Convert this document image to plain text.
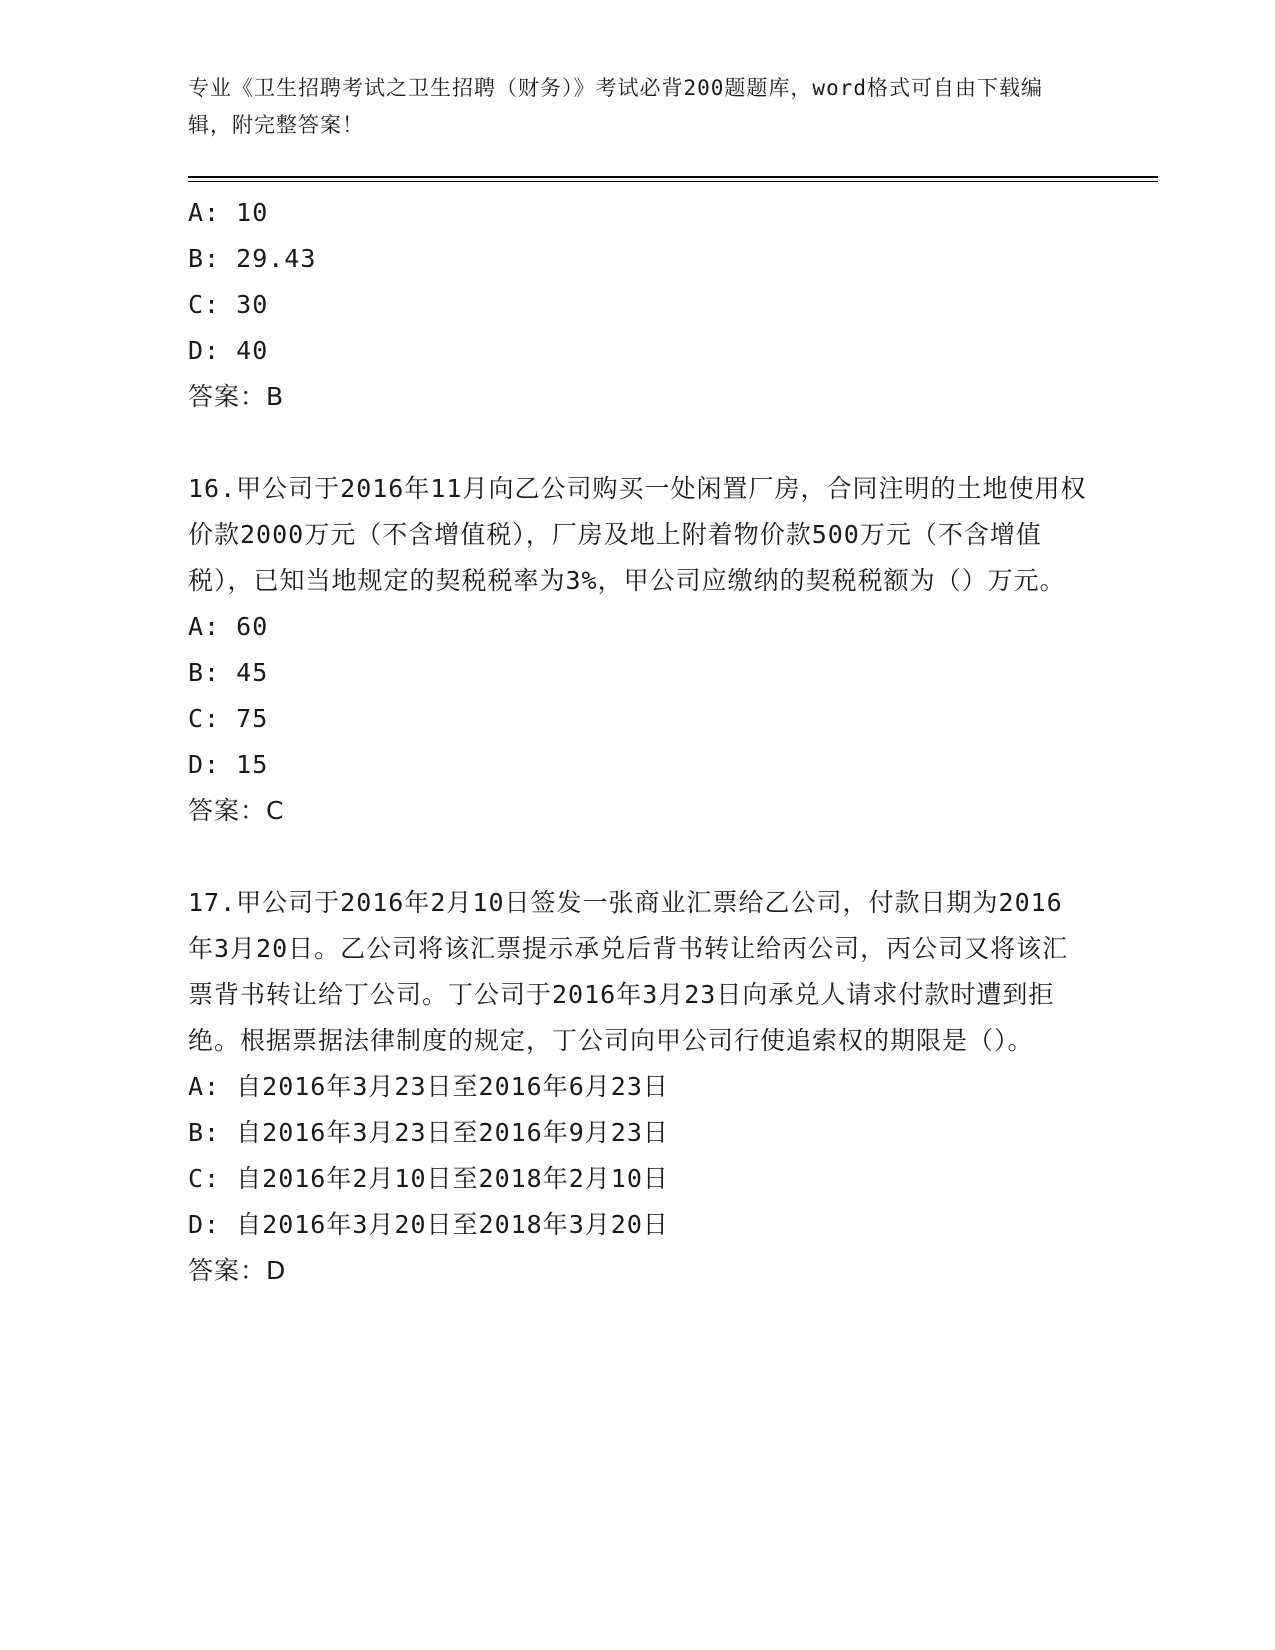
专业《卫生招聘考试之卫生招聘（财务）》考试必背200题题库，word格式可自由下载编辑，附完整答案！
A: 10
B: 29.43
C: 30
D: 40
答案：B
16.甲公司于2016年11月向乙公司购买一处闲置厂房，合同注明的土地使用权价款2000万元（不含增值税），厂房及地上附着物价款500万元（不含增值税），已知当地规定的契税税率为3%，甲公司应缴纳的契税税额为（）万元。
A: 60
B: 45
C: 75
D: 15
答案：C
17.甲公司于2016年2月10日签发一张商业汇票给乙公司，付款日期为2016年3月20日。乙公司将该汇票提示承兑后背书转让给丙公司，丙公司又将该汇票背书转让给丁公司。丁公司于2016年3月23日向承兑人请求付款时遭到拒绝。根据票据法律制度的规定，丁公司向甲公司行使追索权的期限是（）。
A: 自2016年3月23日至2016年6月23日
B: 自2016年3月23日至2016年9月23日
C: 自2016年2月10日至2018年2月10日
D: 自2016年3月20日至2018年3月20日
答案：D
